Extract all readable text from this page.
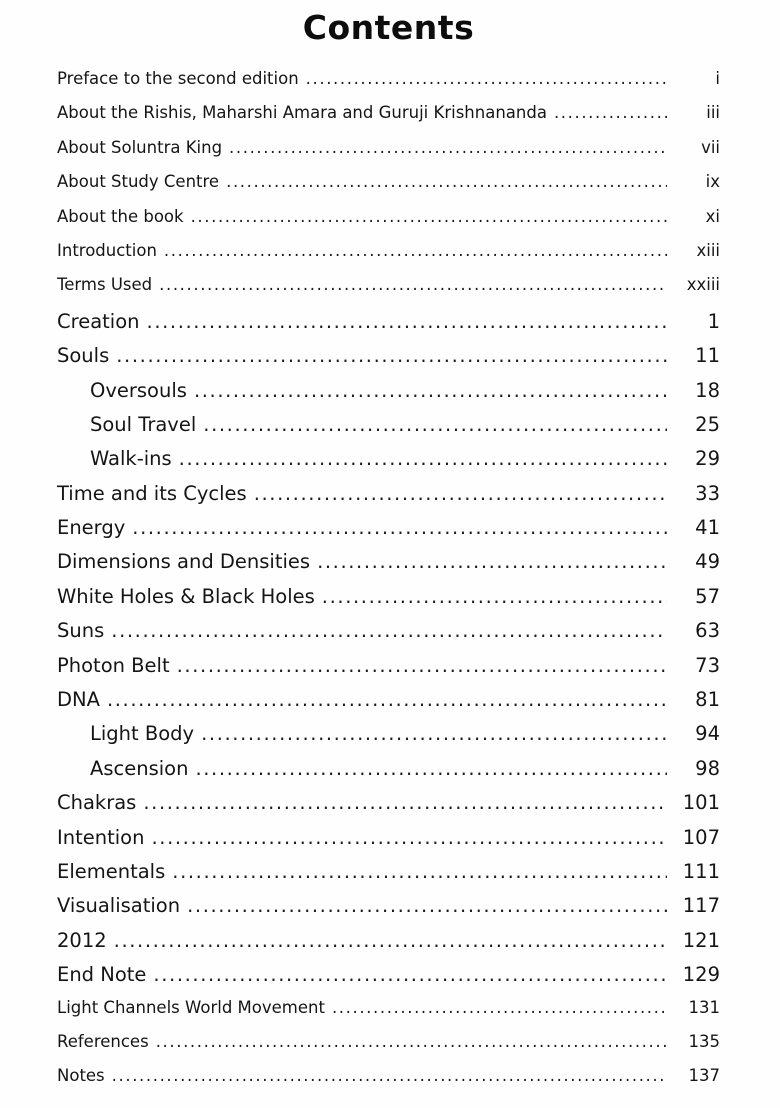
Contents
Preface to the second edition .....	i
About the Rishis, Maharshi Amara and Guruji Krishnananda .....	iii
About Soluntra King .....	vii
About Study Centre .....	ix
About the book .....	xi
Introduction .....	xiii
Terms Used .....	xxiii
Creation .....	1
Souls .....	11
Oversouls .....	18
Soul Travel .....	25
Walk-ins .....	29
Time and its Cycles .....	33
Energy .....	41
Dimensions and Densities .....	49
White Holes & Black Holes .....	57
Suns .....	63
Photon Belt .....	73
DNA .....	81
Light Body .....	94
Ascension .....	98
Chakras .....	101
Intention .....	107
Elementals .....	111
Visualisation .....	117
2012 .....	121
End Note .....	129
Light Channels World Movement .....	131
References .....	135
Notes .....	137
